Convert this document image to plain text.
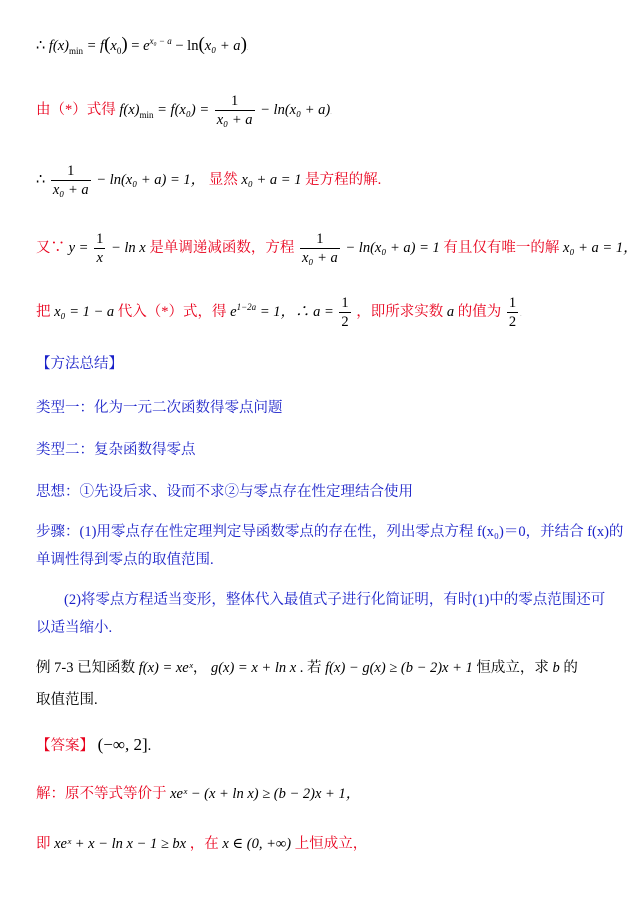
∴ $f(x)_{min} = f(x_0) = e^{x_0 - a} - \ln(x_0 + a)$.
由（*）式得 $f(x)_{min} = f(x_0) = \frac{1}{\text{x₀ + a}} - \ln(x_0 + a)$.
∴ $\frac{1}{\text{x₀ + a}} - \ln(x_0 + a) = 1$， 显然 x₀ + a = 1 是方程的解.
又∵ $y = \frac{1}{x} - \ln x$ 是单调递减函数，方程 $\frac{1}{\text{x₀ + a}} - \ln(x_0 + a) = 1$ 有且仅有唯一的解 x₀ + a = 1，
把 x₀ = 1 − a 代入（*）式，得 $e^{1-2a} = 1$，∴ $a = \frac{1}{2}$ ，即所求实数 a 的值为 $\frac{1}{2}$ .
【方法总结】
类型一：化为一元二次函数得零点问题
类型二：复杂函数得零点
思想：①先设后求、设而不求②与零点存在性定理结合使用
步骤：(1)用零点存在性定理判定导函数零点的存在性，列出零点方程 f(x₀)＝0，并结合 f(x)的
单调性得到零点的取值范围.
(2)将零点方程适当变形，整体代入最值式子进行化简证明，有时(1)中的零点范围还可
以适当缩小.
例 7-3 已知函数 f(x) = xeˣ， g(x) = x + ln x . 若 f(x) − g(x) ≥ (b − 2)x + 1 恒成立，求 b 的
取值范围.
【答案】 (−∞, 2].
解：原不等式等价于 xeˣ − (x + ln x) ≥ (b − 2)x + 1，
即 xeˣ + x − ln x − 1 ≥ bx ，在 x ∈ (0, +∞) 上恒成立，
